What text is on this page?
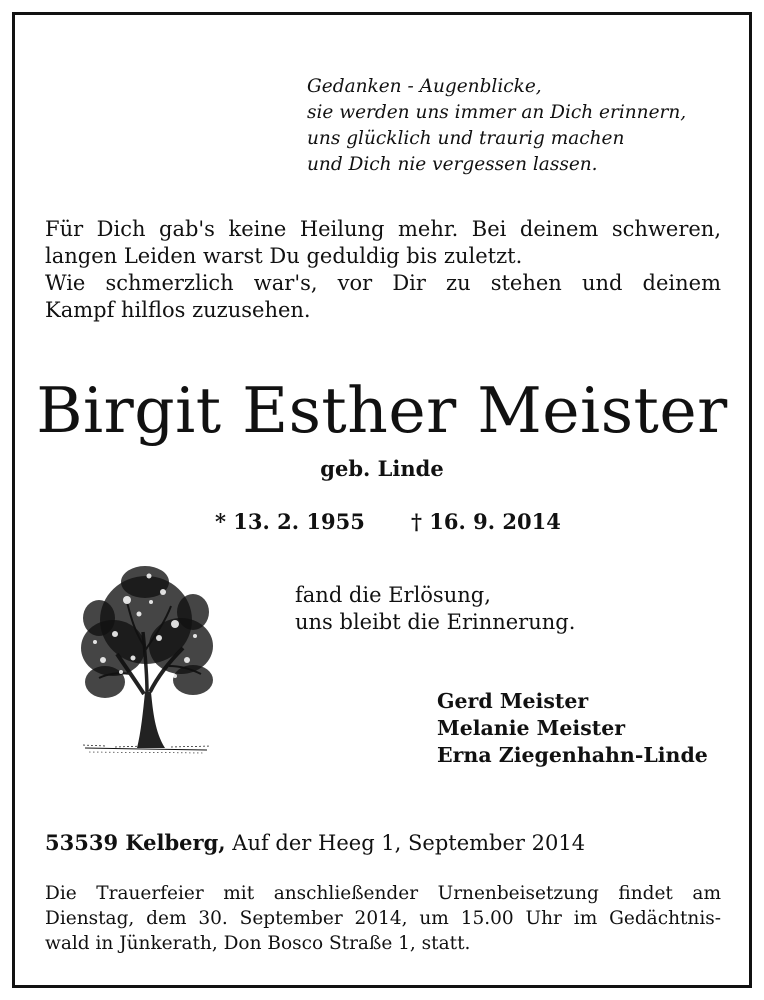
Gedanken - Augenblicke,
sie werden uns immer an Dich erinnern,
uns glücklich und traurig machen
und Dich nie vergessen lassen.
Für Dich gab's keine Heilung mehr. Bei deinem schweren,
langen Leiden warst Du geduldig bis zuletzt.
Wie schmerzlich war's, vor Dir zu stehen und deinem
Kampf hilflos zuzusehen.
Birgit Esther Meister
geb. Linde
* 13. 2. 1955 † 16. 9. 2014
fand die Erlösung,
uns bleibt die Erinnerung.
Gerd Meister
Melanie Meister
Erna Ziegenhahn-Linde
53539 Kelberg, Auf der Heeg 1, September 2014
Die Trauerfeier mit anschließender Urnenbeisetzung findet am
Dienstag, dem 30. September 2014, um 15.00 Uhr im Gedächtnis-
wald in Jünkerath, Don Bosco Straße 1, statt.
